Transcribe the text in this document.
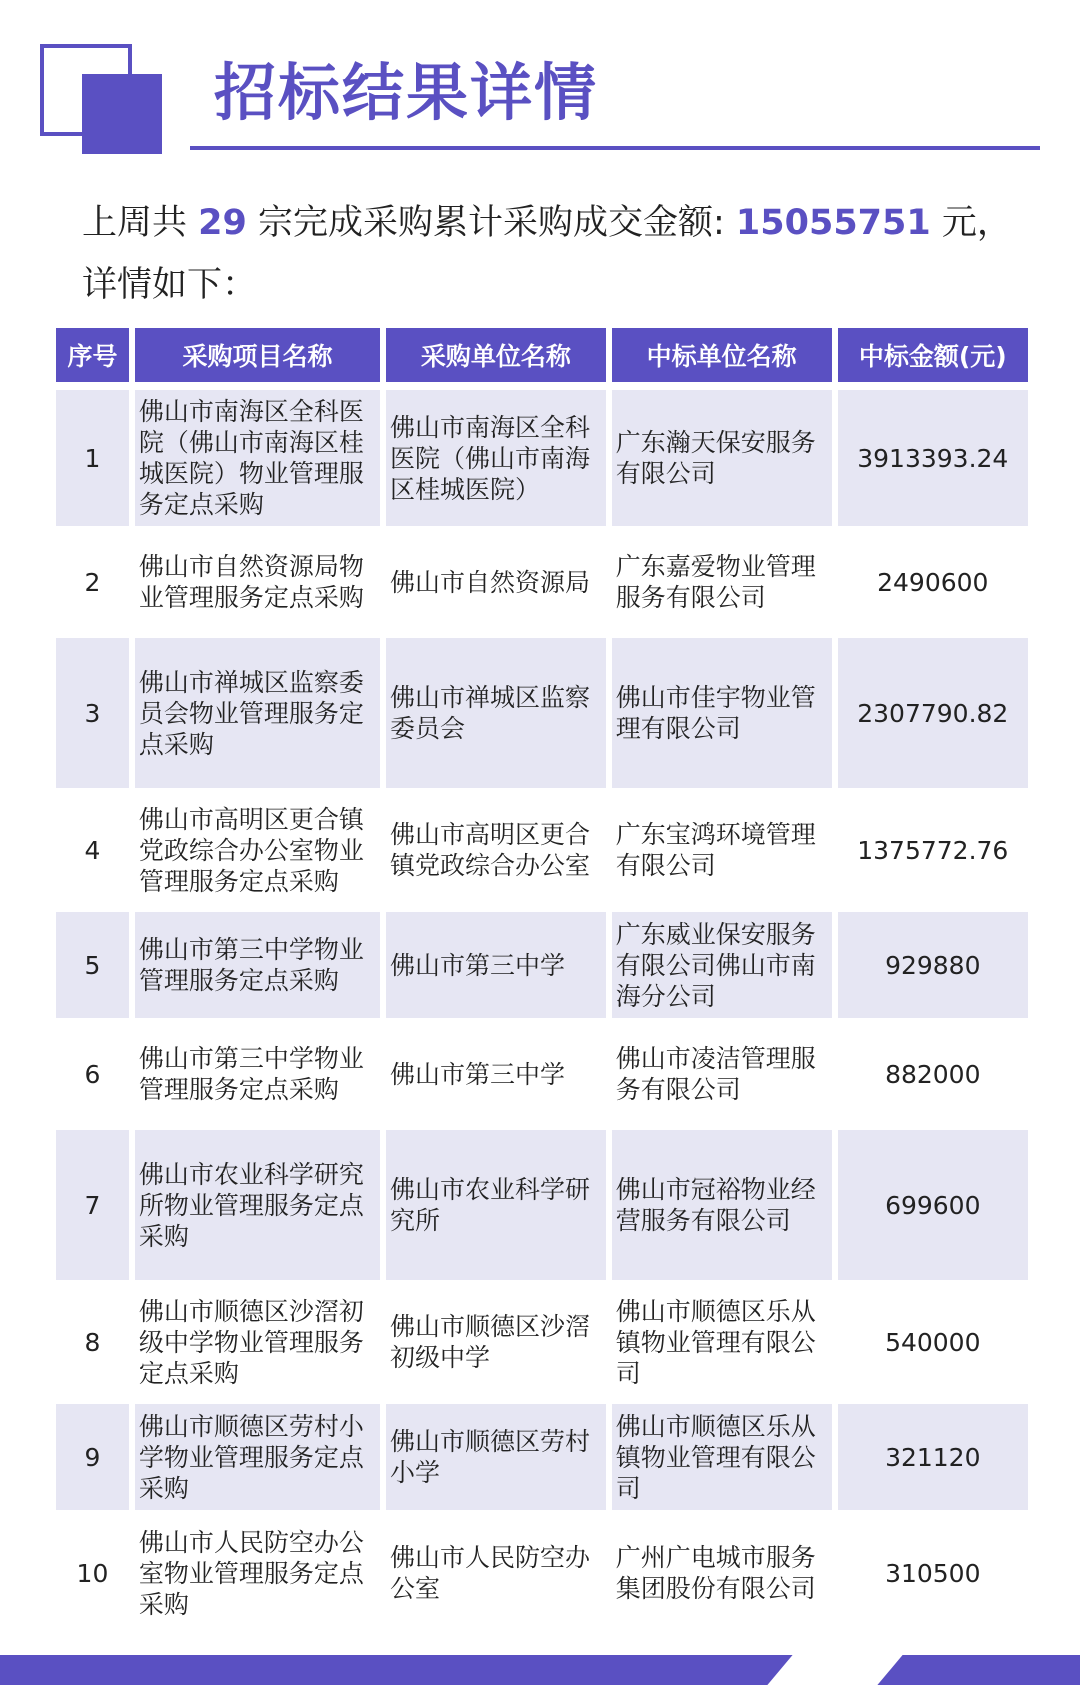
招标结果详情

上周共 29 宗完成采购累计采购成交金额: 15055751 元，详情如下：

序号	采购项目名称	采购单位名称	中标单位名称	中标金额(元)
1	佛山市南海区全科医院（佛山市南海区桂城医院）物业管理服务定点采购	佛山市南海区全科医院（佛山市南海区桂城医院）	广东瀚天保安服务有限公司	3913393.24
2	佛山市自然资源局物业管理服务定点采购	佛山市自然资源局	广东嘉爱物业管理服务有限公司	2490600
3	佛山市禅城区监察委员会物业管理服务定点采购	佛山市禅城区监察委员会	佛山市佳宇物业管理有限公司	2307790.82
4	佛山市高明区更合镇党政综合办公室物业管理服务定点采购	佛山市高明区更合镇党政综合办公室	广东宝鸿环境管理有限公司	1375772.76
5	佛山市第三中学物业管理服务定点采购	佛山市第三中学	广东威业保安服务有限公司佛山市南海分公司	929880
6	佛山市第三中学物业管理服务定点采购	佛山市第三中学	佛山市凌洁管理服务有限公司	882000
7	佛山市农业科学研究所物业管理服务定点采购	佛山市农业科学研究所	佛山市冠裕物业经营服务有限公司	699600
8	佛山市顺德区沙滘初级中学物业管理服务定点采购	佛山市顺德区沙滘初级中学	佛山市顺德区乐从镇物业管理有限公司	540000
9	佛山市顺德区劳村小学物业管理服务定点采购	佛山市顺德区劳村小学	佛山市顺德区乐从镇物业管理有限公司	321120
10	佛山市人民防空办公室物业管理服务定点采购	佛山市人民防空办公室	广州广电城市服务集团股份有限公司	310500
